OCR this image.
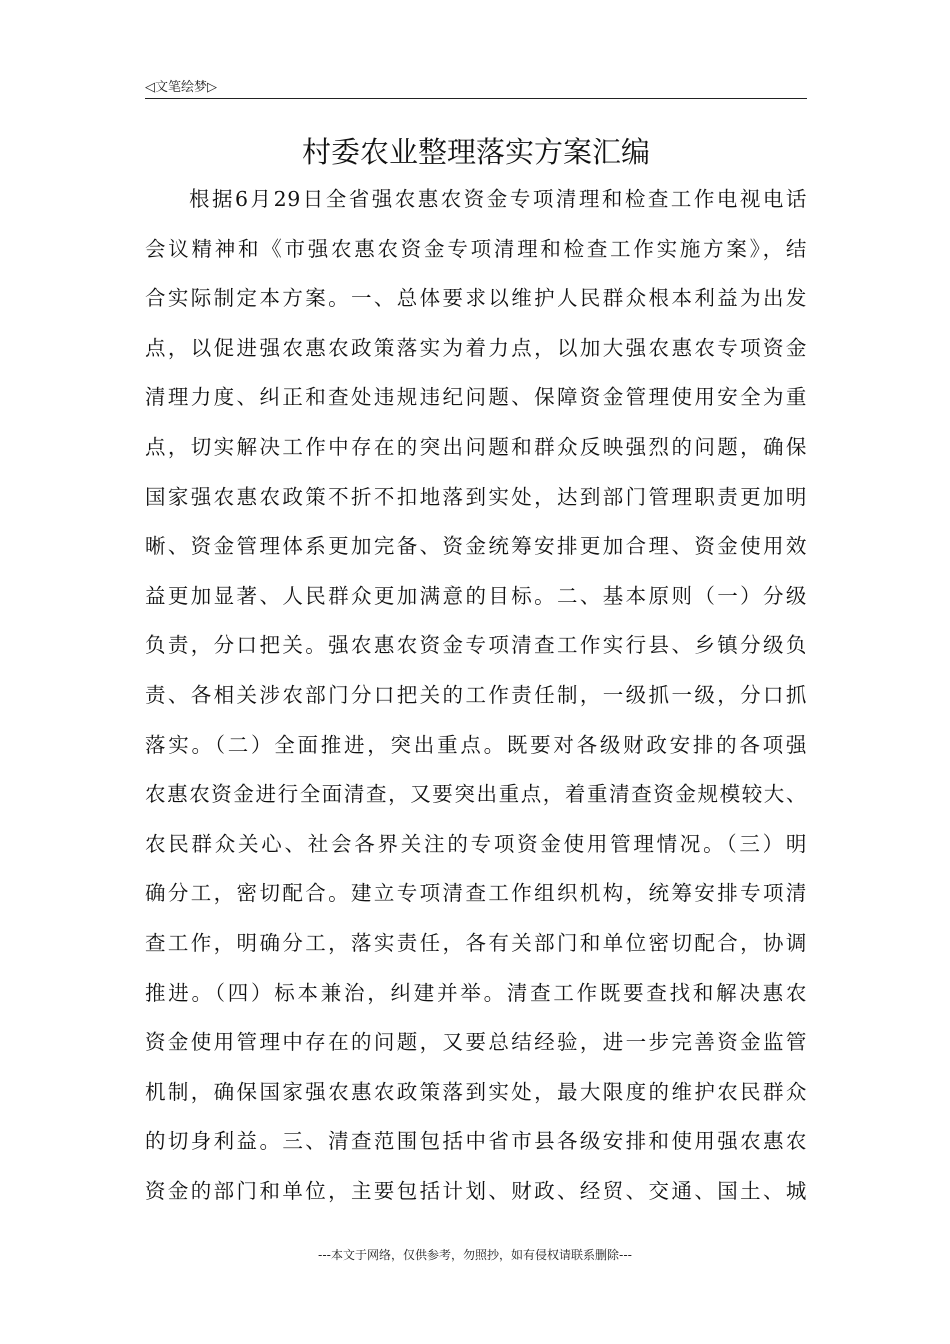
◁文笔绘梦▷
村委农业整理落实方案汇编
根据6月29日全省强农惠农资金专项清理和检查工作电视电话
会议精神和《市强农惠农资金专项清理和检查工作实施方案》，结
合实际制定本方案。一、总体要求以维护人民群众根本利益为出发
点，以促进强农惠农政策落实为着力点，以加大强农惠农专项资金
清理力度、纠正和查处违规违纪问题、保障资金管理使用安全为重
点，切实解决工作中存在的突出问题和群众反映强烈的问题，确保
国家强农惠农政策不折不扣地落到实处，达到部门管理职责更加明
晰、资金管理体系更加完备、资金统筹安排更加合理、资金使用效
益更加显著、人民群众更加满意的目标。二、基本原则（一）分级
负责，分口把关。强农惠农资金专项清查工作实行县、乡镇分级负
责、各相关涉农部门分口把关的工作责任制，一级抓一级，分口抓
落实。（二）全面推进，突出重点。既要对各级财政安排的各项强
农惠农资金进行全面清查，又要突出重点，着重清查资金规模较大、
农民群众关心、社会各界关注的专项资金使用管理情况。（三）明
确分工，密切配合。建立专项清查工作组织机构，统筹安排专项清
查工作，明确分工，落实责任，各有关部门和单位密切配合，协调
推进。（四）标本兼治，纠建并举。清查工作既要查找和解决惠农
资金使用管理中存在的问题，又要总结经验，进一步完善资金监管
机制，确保国家强农惠农政策落到实处，最大限度的维护农民群众
的切身利益。三、清查范围包括中省市县各级安排和使用强农惠农
资金的部门和单位，主要包括计划、财政、经贸、交通、国土、城
---本文于网络，仅供参考，勿照抄，如有侵权请联系删除---
